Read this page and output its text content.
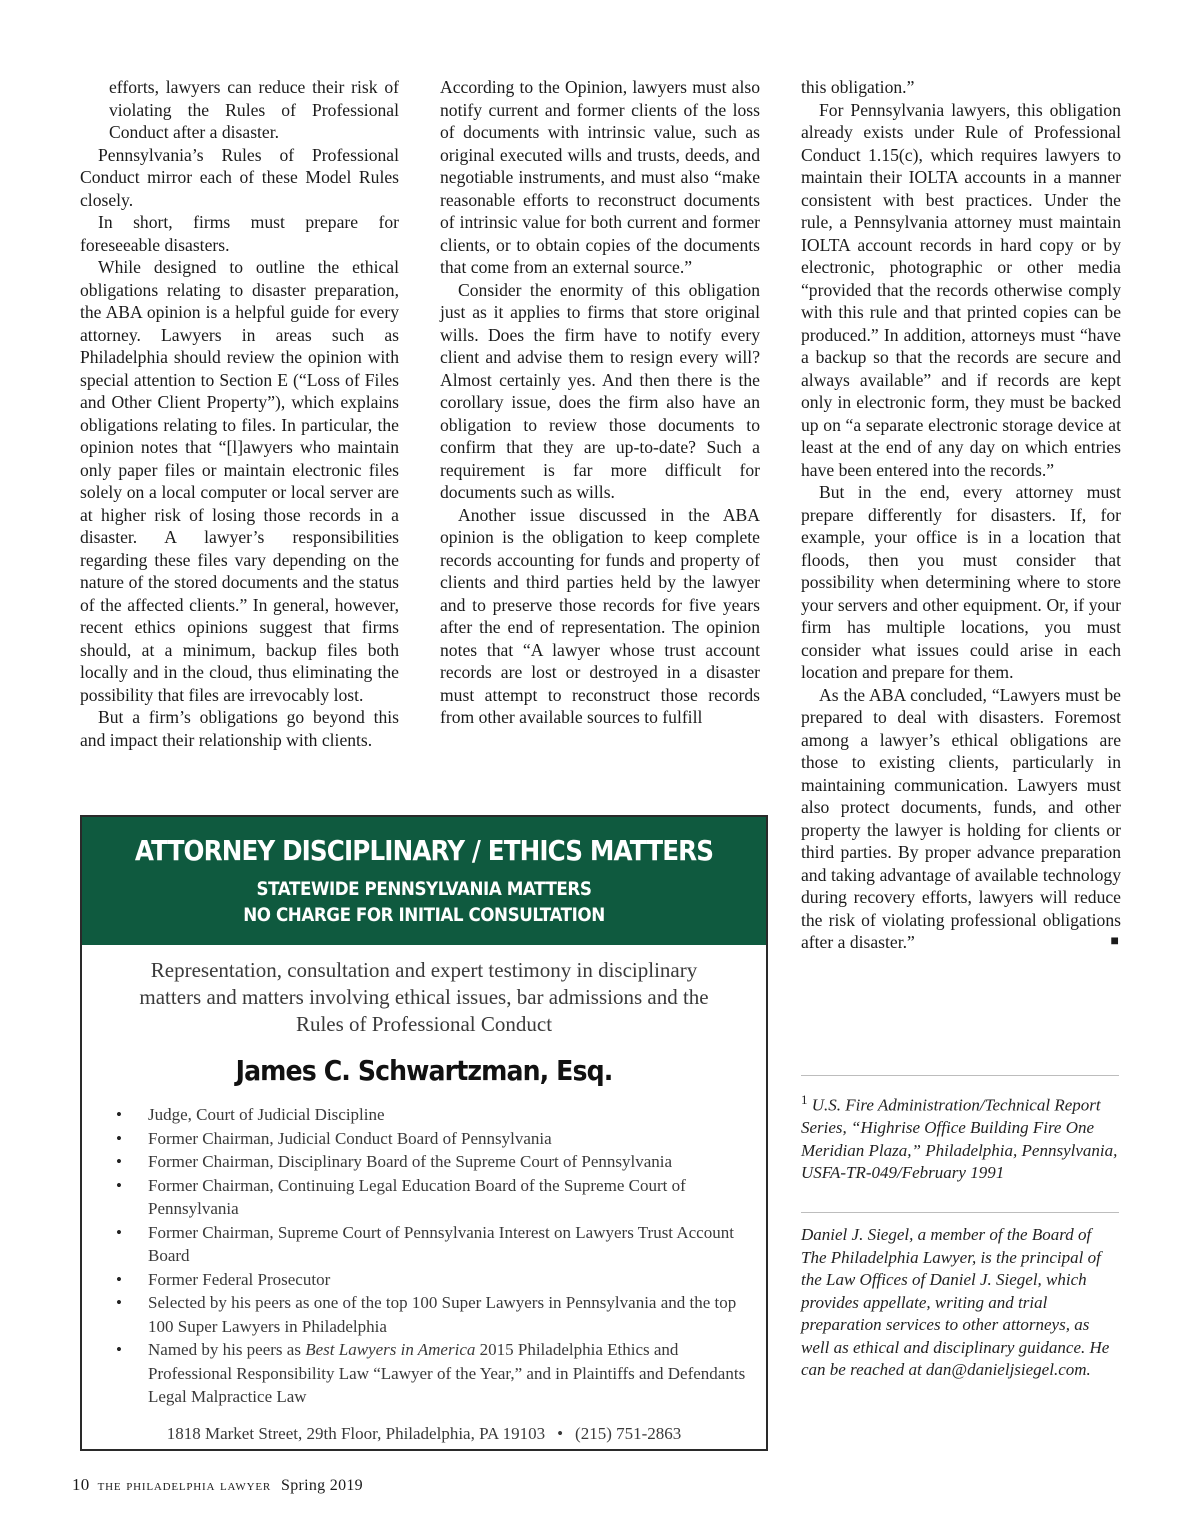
efforts, lawyers can reduce their risk of violating the Rules of Professional Conduct after a disaster.

Pennsylvania’s Rules of Professional Conduct mirror each of these Model Rules closely.

In short, firms must prepare for foreseeable disasters.

While designed to outline the ethical obligations relating to disaster preparation, the ABA opinion is a helpful guide for every attorney. Lawyers in areas such as Philadelphia should review the opinion with special attention to Section E (“Loss of Files and Other Client Property”), which explains obligations relating to files. In particular, the opinion notes that “[l]awyers who maintain only paper files or maintain electronic files solely on a local computer or local server are at higher risk of losing those records in a disaster. A lawyer’s responsibilities regarding these files vary depending on the nature of the stored documents and the status of the affected clients.” In general, however, recent ethics opinions suggest that firms should, at a minimum, backup files both locally and in the cloud, thus eliminating the possibility that files are irrevocably lost.

But a firm’s obligations go beyond this and impact their relationship with clients.

According to the Opinion, lawyers must also notify current and former clients of the loss of documents with intrinsic value, such as original executed wills and trusts, deeds, and negotiable instruments, and must also “make reasonable efforts to reconstruct documents of intrinsic value for both current and former clients, or to obtain copies of the documents that come from an external source.”

Consider the enormity of this obligation just as it applies to firms that store original wills. Does the firm have to notify every client and advise them to resign every will? Almost certainly yes. And then there is the corollary issue, does the firm also have an obligation to review those documents to confirm that they are up-to-date? Such a requirement is far more difficult for documents such as wills.

Another issue discussed in the ABA opinion is the obligation to keep complete records accounting for funds and property of clients and third parties held by the lawyer and to preserve those records for five years after the end of representation. The opinion notes that “A lawyer whose trust account records are lost or destroyed in a disaster must attempt to reconstruct those records from other available sources to fulfill

this obligation.”

For Pennsylvania lawyers, this obligation already exists under Rule of Professional Conduct 1.15(c), which requires lawyers to maintain their IOLTA accounts in a manner consistent with best practices. Under the rule, a Pennsylvania attorney must maintain IOLTA account records in hard copy or by electronic, photographic or other media “provided that the records otherwise comply with this rule and that printed copies can be produced.” In addition, attorneys must “have a backup so that the records are secure and always available” and if records are kept only in electronic form, they must be backed up on “a separate electronic storage device at least at the end of any day on which entries have been entered into the records.”

But in the end, every attorney must prepare differently for disasters. If, for example, your office is in a location that floods, then you must consider that possibility when determining where to store your servers and other equipment. Or, if your firm has multiple locations, you must consider what issues could arise in each location and prepare for them.

As the ABA concluded, “Lawyers must be prepared to deal with disasters. Foremost among a lawyer’s ethical obligations are those to existing clients, particularly in maintaining communication. Lawyers must also protect documents, funds, and other property the lawyer is holding for clients or third parties. By proper advance preparation and taking advantage of available technology during recovery efforts, lawyers will reduce the risk of violating professional obligations after a disaster.”	■

ATTORNEY DISCIPLINARY / ETHICS MATTERS
STATEWIDE PENNSYLVANIA MATTERS
NO CHARGE FOR INITIAL CONSULTATION
Representation, consultation and expert testimony in disciplinary matters and matters involving ethical issues, bar admissions and the Rules of Professional Conduct
James C. Schwartzman, Esq.
• Judge, Court of Judicial Discipline
• Former Chairman, Judicial Conduct Board of Pennsylvania
• Former Chairman, Disciplinary Board of the Supreme Court of Pennsylvania
• Former Chairman, Continuing Legal Education Board of the Supreme Court of Pennsylvania
• Former Chairman, Supreme Court of Pennsylvania Interest on Lawyers Trust Account Board
• Former Federal Prosecutor
• Selected by his peers as one of the top 100 Super Lawyers in Pennsylvania and the top 100 Super Lawyers in Philadelphia
• Named by his peers as Best Lawyers in America 2015 Philadelphia Ethics and Professional Responsibility Law “Lawyer of the Year,” and in Plaintiffs and Defendants Legal Malpractice Law
1818 Market Street, 29th Floor, Philadelphia, PA 19103 • (215) 751-2863
$^1$ U.S. Fire Administration/Technical Report Series, “Highrise Office Building Fire One Meridian Plaza,” Philadelphia, Pennsylvania, USFA-TR-049/February 1991
Daniel J. Siegel, a member of the Board of The Philadelphia Lawyer, is the principal of the Law Offices of Daniel J. Siegel, which provides appellate, writing and trial preparation services to other attorneys, as well as ethical and disciplinary guidance. He can be reached at dan@danieljsiegel.com.
10 the philadelphia lawyer Spring 2019
